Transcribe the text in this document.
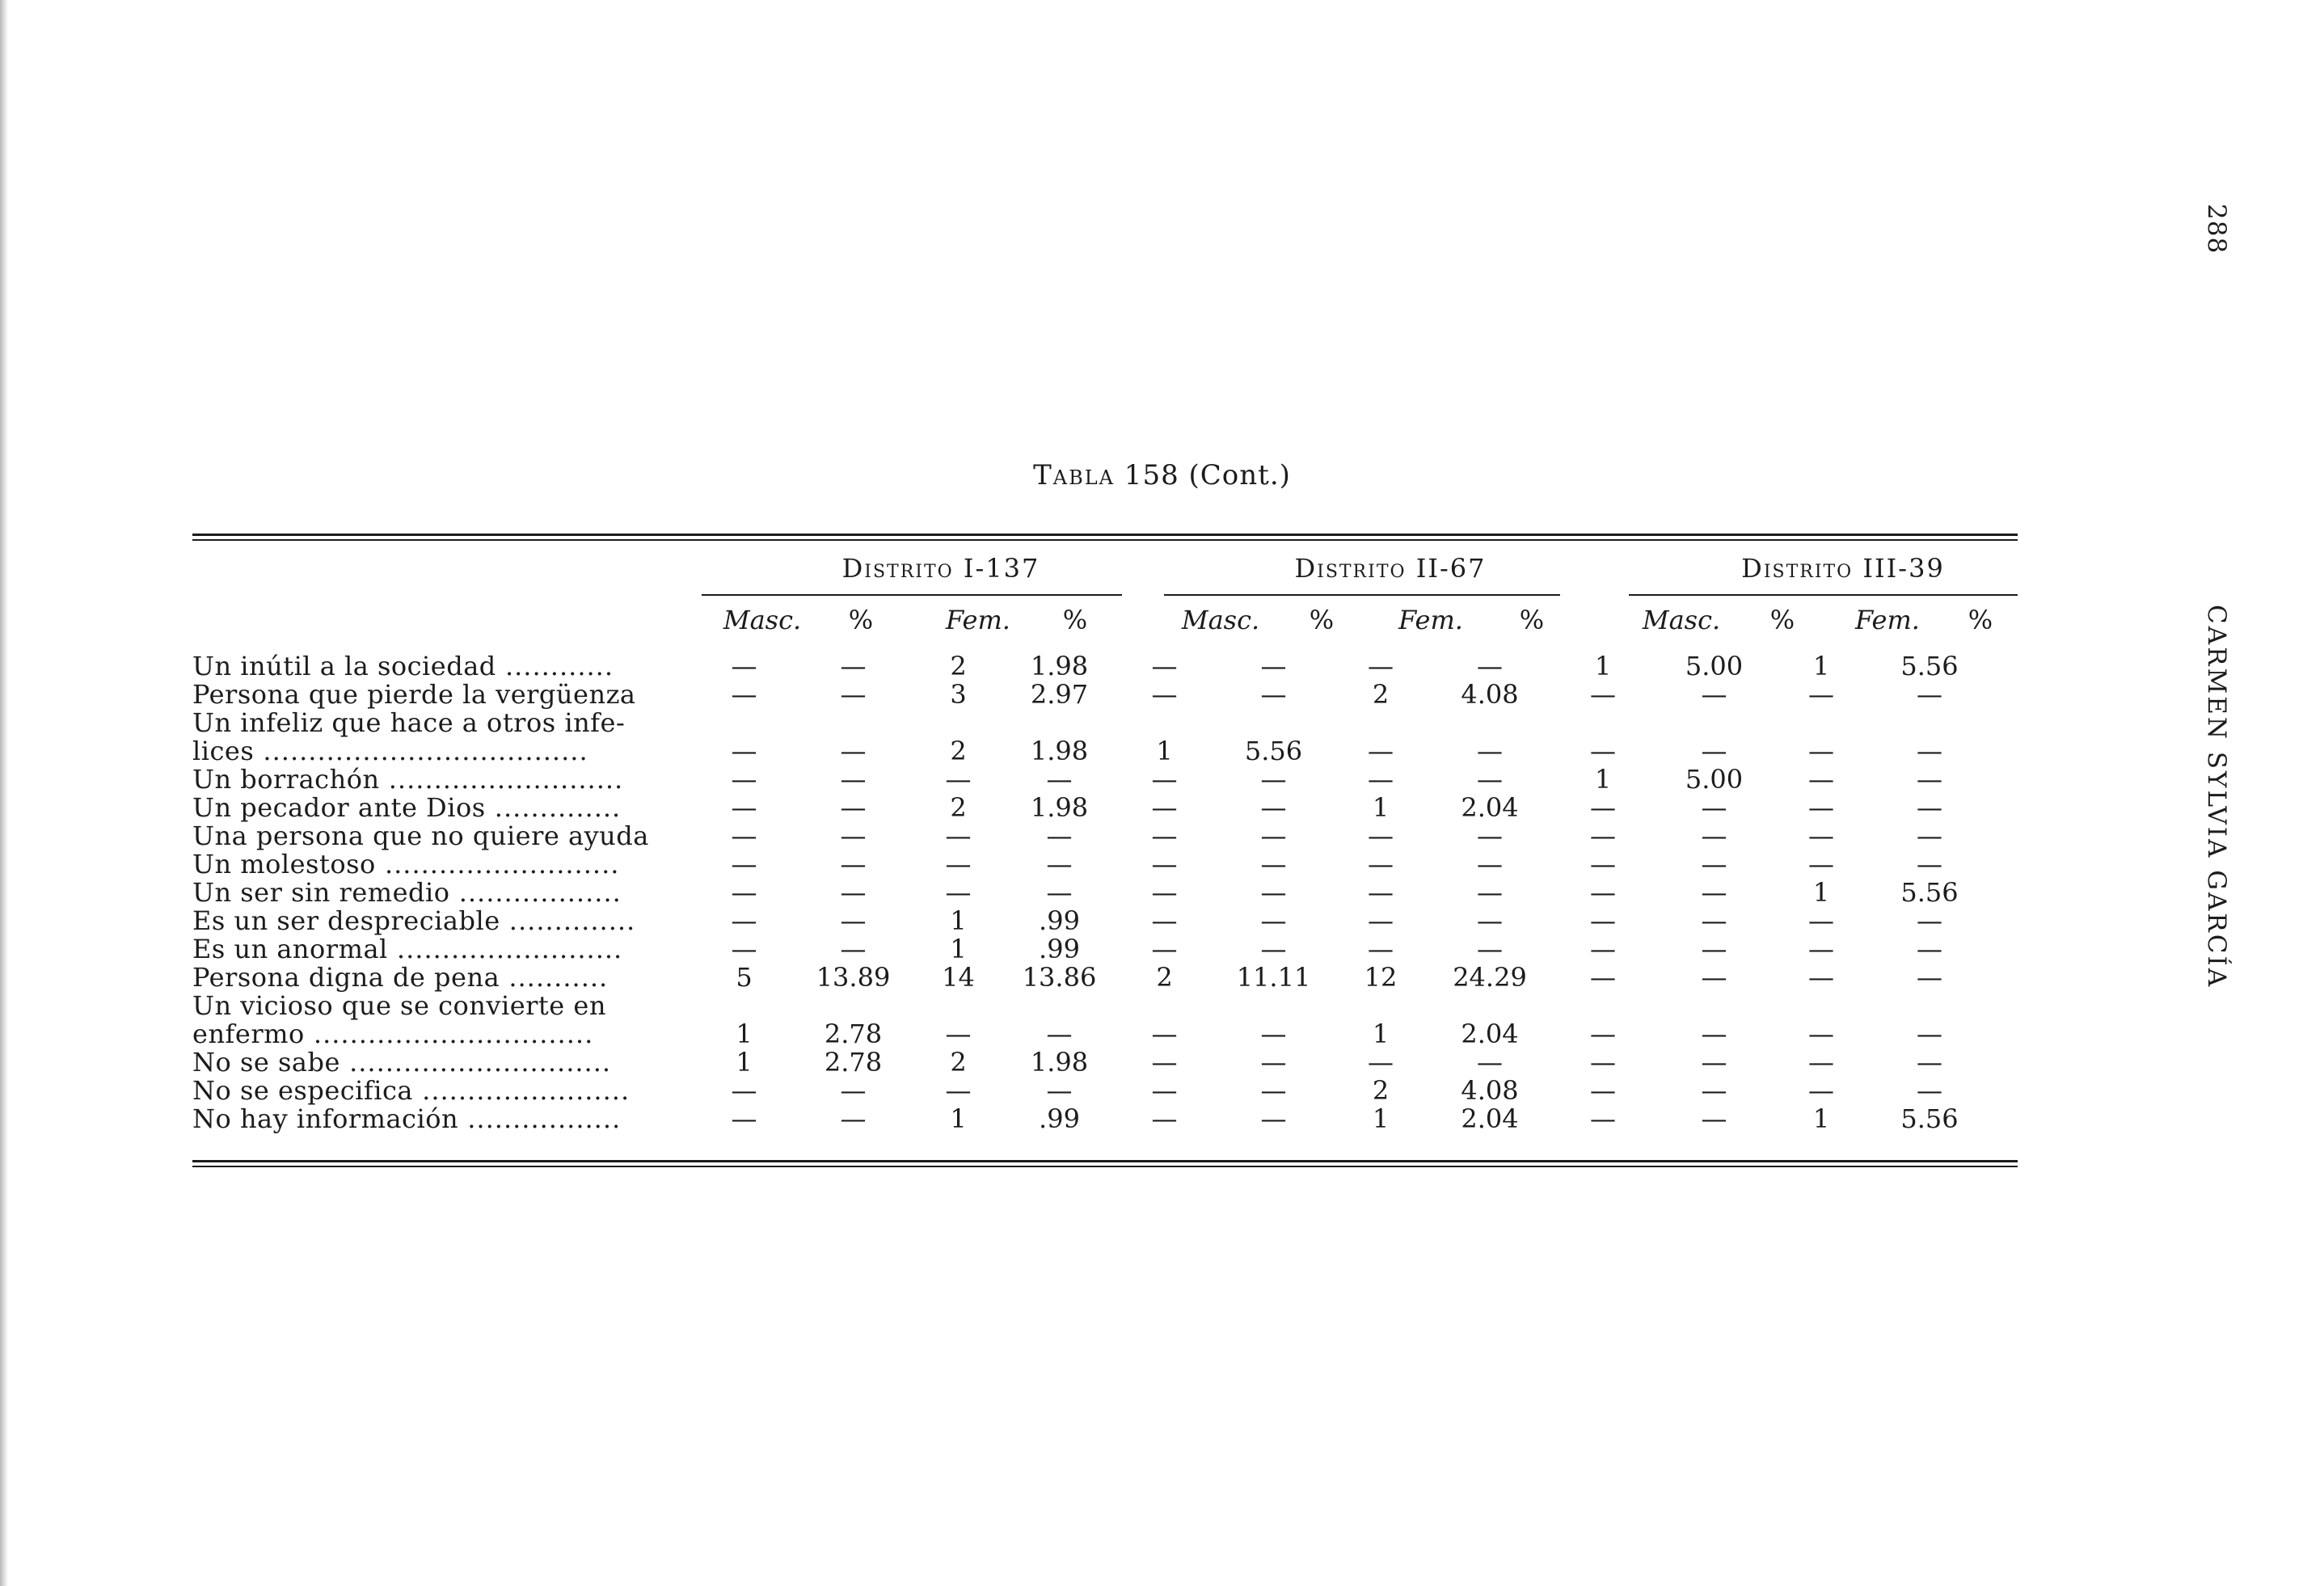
288
CARMEN SYLVIA GARCÍA
Tabla 158 (Cont.)
Distrito I-137	Distrito II-67	Distrito III-39
Masc.	%	Fem.	%	Masc.	%	Fem.	%	Masc.	%	Fem.	%
Un inútil a la sociedad ............	—	—	2	1.98	—	—	—	—	1	5.00	1	5.56
Persona que pierde la vergüenza	—	—	3	2.97	—	—	2	4.08	—	—	—	—
Un infeliz que hace a otros infe-												
lices ....................................	—	—	2	1.98	1	5.56	—	—	—	—	—	—
Un borrachón ..........................	—	—	—	—	—	—	—	—	1	5.00	—	—
Un pecador ante Dios ..............	—	—	2	1.98	—	—	1	2.04	—	—	—	—
Una persona que no quiere ayuda	—	—	—	—	—	—	—	—	—	—	—	—
Un molestoso ..........................	—	—	—	—	—	—	—	—	—	—	—	—
Un ser sin remedio ..................	—	—	—	—	—	—	—	—	—	—	1	5.56
Es un ser despreciable ..............	—	—	1	.99	—	—	—	—	—	—	—	—
Es un anormal .........................	—	—	1	.99	—	—	—	—	—	—	—	—
Persona digna de pena ...........	5	13.89	14	13.86	2	11.11	12	24.29	—	—	—	—
Un vicioso que se convierte en												
enfermo ...............................	1	2.78	—	—	—	—	1	2.04	—	—	—	—
No se sabe .............................	1	2.78	2	1.98	—	—	—	—	—	—	—	—
No se especifica .......................	—	—	—	—	—	—	2	4.08	—	—	—	—
No hay información .................	—	—	1	.99	—	—	1	2.04	—	—	1	5.56
